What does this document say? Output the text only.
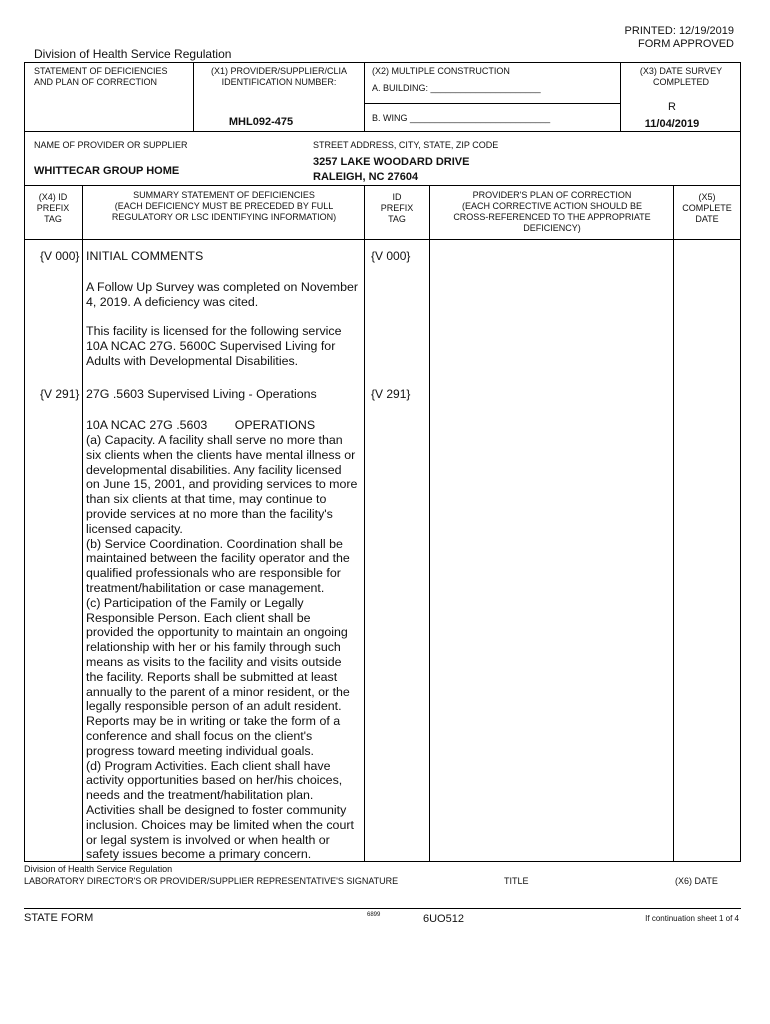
PRINTED: 12/19/2019
FORM APPROVED
Division of Health Service Regulation
STATEMENT OF DEFICIENCIES
AND PLAN OF CORRECTION
(X1) PROVIDER/SUPPLIER/CLIA
IDENTIFICATION NUMBER:
MHL092-475
(X2) MULTIPLE CONSTRUCTION
A. BUILDING: ______________________
B. WING ____________________________
(X3) DATE SURVEY
COMPLETED
R
11/04/2019
NAME OF PROVIDER OR SUPPLIER
WHITTECAR GROUP HOME
STREET ADDRESS, CITY, STATE, ZIP CODE
3257 LAKE WOODARD DRIVE
RALEIGH, NC 27604
(X4) ID
PREFIX
TAG
SUMMARY STATEMENT OF DEFICIENCIES
(EACH DEFICIENCY MUST BE PRECEDED BY FULL
REGULATORY OR LSC IDENTIFYING INFORMATION)
ID
PREFIX
TAG
PROVIDER'S PLAN OF CORRECTION
(EACH CORRECTIVE ACTION SHOULD BE
CROSS-REFERENCED TO THE APPROPRIATE
DEFICIENCY)
(X5)
COMPLETE
DATE
{V 000} INITIAL COMMENTS	{V 000}
A Follow Up Survey was completed on November
4, 2019. A deficiency was cited.
This facility is licensed for the following service
10A NCAC 27G. 5600C Supervised Living for
Adults with Developmental Disabilities.
{V 291} 27G .5603 Supervised Living - Operations	{V 291}
10A NCAC 27G .5603        OPERATIONS
(a) Capacity. A facility shall serve no more than
six clients when the clients have mental illness or
developmental disabilities. Any facility licensed
on June 15, 2001, and providing services to more
than six clients at that time, may continue to
provide services at no more than the facility's
licensed capacity.
(b) Service Coordination. Coordination shall be
maintained between the facility operator and the
qualified professionals who are responsible for
treatment/habilitation or case management.
(c) Participation of the Family or Legally
Responsible Person. Each client shall be
provided the opportunity to maintain an ongoing
relationship with her or his family through such
means as visits to the facility and visits outside
the facility. Reports shall be submitted at least
annually to the parent of a minor resident, or the
legally responsible person of an adult resident.
Reports may be in writing or take the form of a
conference and shall focus on the client's
progress toward meeting individual goals.
(d) Program Activities. Each client shall have
activity opportunities based on her/his choices,
needs and the treatment/habilitation plan.
Activities shall be designed to foster community
inclusion. Choices may be limited when the court
or legal system is involved or when health or
safety issues become a primary concern.
Division of Health Service Regulation
LABORATORY DIRECTOR'S OR PROVIDER/SUPPLIER REPRESENTATIVE'S SIGNATURE	TITLE	(X6) DATE
STATE FORM	6899	6UO512	If continuation sheet 1 of 4
